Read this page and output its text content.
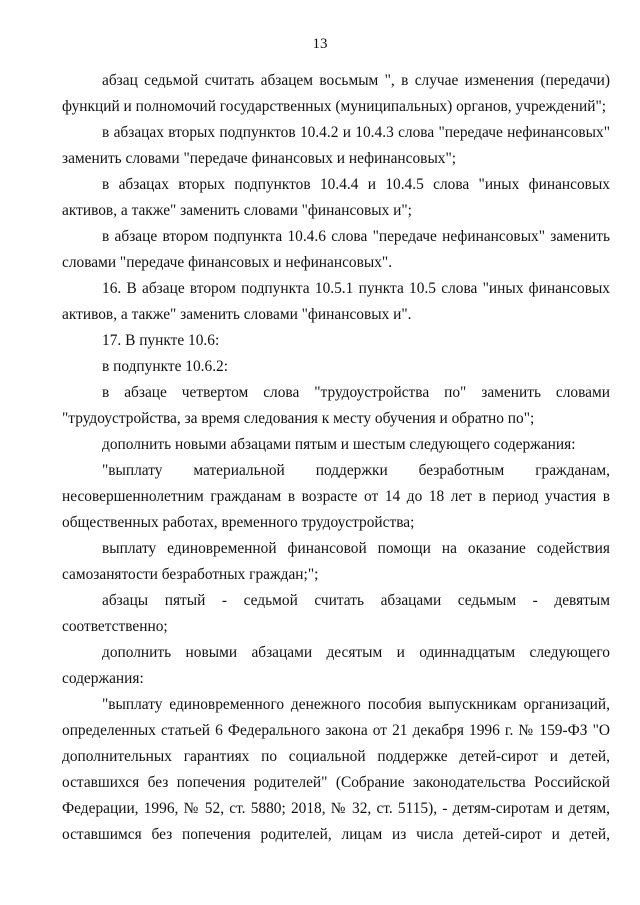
13

абзац седьмой считать абзацем восьмым ", в случае изменения (передачи) функций и полномочий государственных (муниципальных) органов, учреждений";

в абзацах вторых подпунктов 10.4.2 и 10.4.3 слова "передаче нефинансовых" заменить словами "передаче финансовых и нефинансовых";

в абзацах вторых подпунктов 10.4.4 и 10.4.5 слова "иных финансовых активов, а также" заменить словами "финансовых и";

в абзаце втором подпункта 10.4.6 слова "передаче нефинансовых" заменить словами "передаче финансовых и нефинансовых".

16. В абзаце втором подпункта 10.5.1 пункта 10.5 слова "иных финансовых активов, а также" заменить словами "финансовых и".

17. В пункте 10.6:

в подпункте 10.6.2:

в абзаце четвертом слова "трудоустройства по" заменить словами "трудоустройства, за время следования к месту обучения и обратно по";

дополнить новыми абзацами пятым и шестым следующего содержания:

"выплату материальной поддержки безработным гражданам, несовершеннолетним гражданам в возрасте от 14 до 18 лет в период участия в общественных работах, временного трудоустройства;

выплату единовременной финансовой помощи на оказание содействия самозанятости безработных граждан;";

абзацы пятый - седьмой считать абзацами седьмым - девятым соответственно;

дополнить новыми абзацами десятым и одиннадцатым следующего содержания:

"выплату единовременного денежного пособия выпускникам организаций, определенных статьей 6 Федерального закона от 21 декабря 1996 г. № 159-ФЗ "О дополнительных гарантиях по социальной поддержке детей-сирот и детей, оставшихся без попечения родителей" (Собрание законодательства Российской Федерации, 1996, № 52, ст. 5880; 2018, № 32, ст. 5115), - детям-сиротам и детям, оставшимся без попечения родителей, лицам из числа детей-сирот и детей,
